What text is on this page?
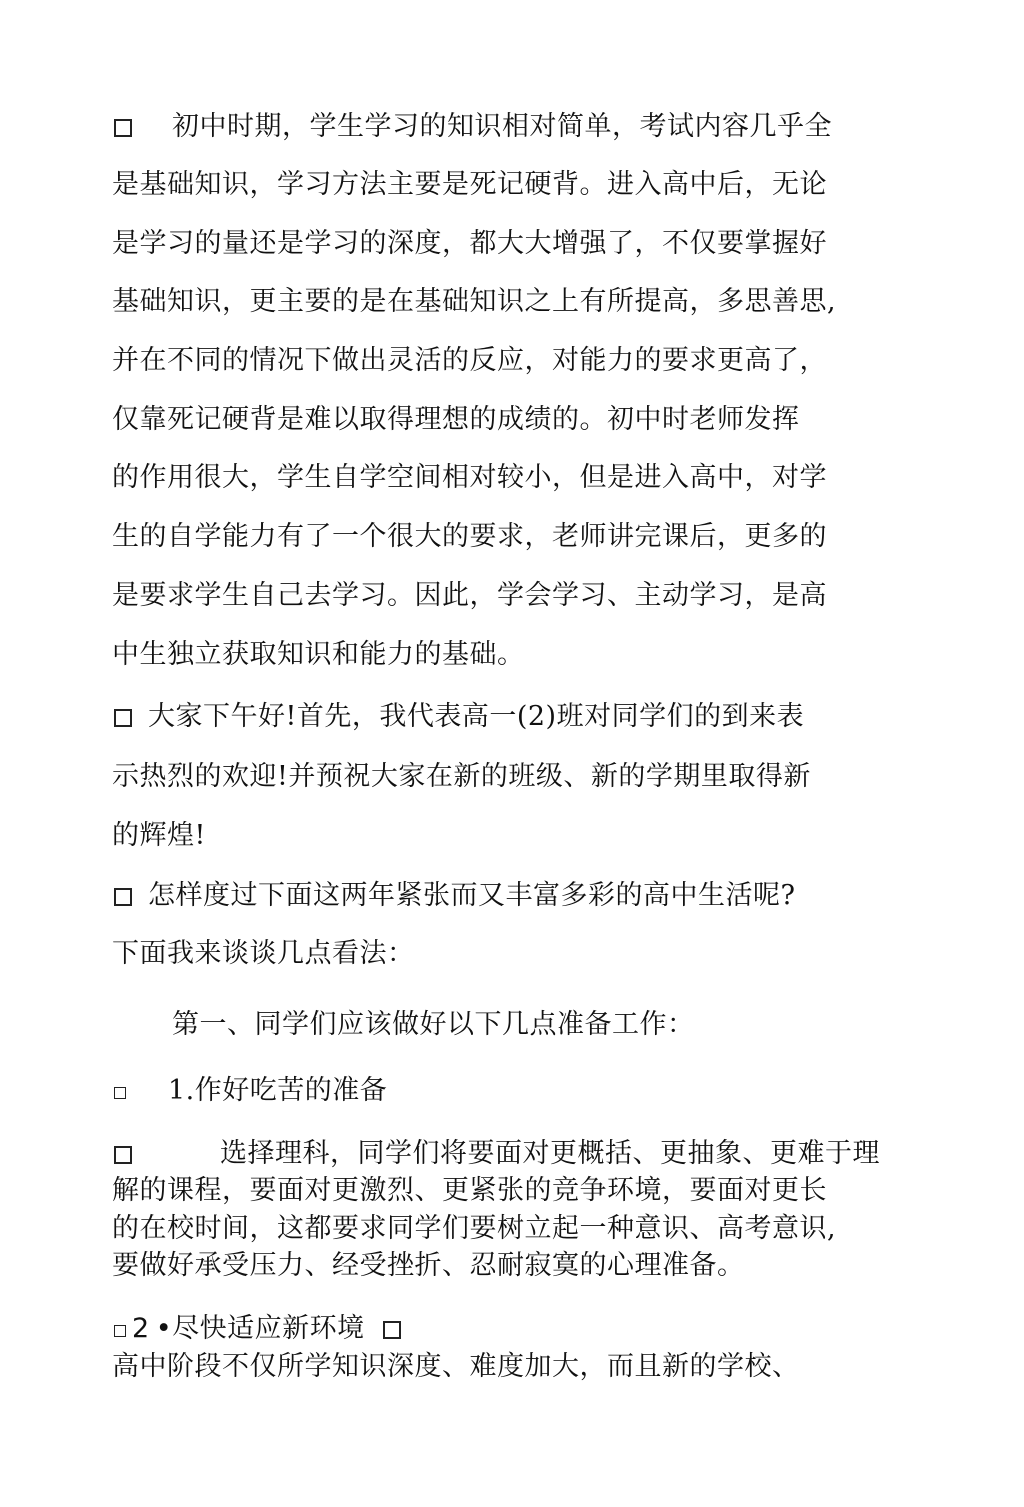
初中时期，学生学习的知识相对简单，考试内容几乎全
是基础知识，学习方法主要是死记硬背。进入高中后，无论
是学习的量还是学习的深度，都大大增强了，不仅要掌握好
基础知识，更主要的是在基础知识之上有所提高，多思善思,
并在不同的情况下做出灵活的反应，对能力的要求更高了，
仅靠死记硬背是难以取得理想的成绩的。初中时老师发挥
的作用很大，学生自学空间相对较小，但是进入高中，对学
生的自学能力有了一个很大的要求，老师讲完课后，更多的
是要求学生自己去学习。因此，学会学习、主动学习，是高
中生独立获取知识和能力的基础。
大家下午好!首先，我代表高一(2)班对同学们的到来表
示热烈的欢迎!并预祝大家在新的班级、新的学期里取得新
的辉煌!
怎样度过下面这两年紧张而又丰富多彩的高中生活呢?
下面我来谈谈几点看法：
第一、同学们应该做好以下几点准备工作：
1.作好吃苦的准备
选择理科，同学们将要面对更概括、更抽象、更难于理
解的课程，要面对更激烈、更紧张的竞争环境，要面对更长
的在校时间，这都要求同学们要树立起一种意识、高考意识,
要做好承受压力、经受挫折、忍耐寂寞的心理准备。
2 •尽快适应新环境
高中阶段不仅所学知识深度、难度加大，而且新的学校、
